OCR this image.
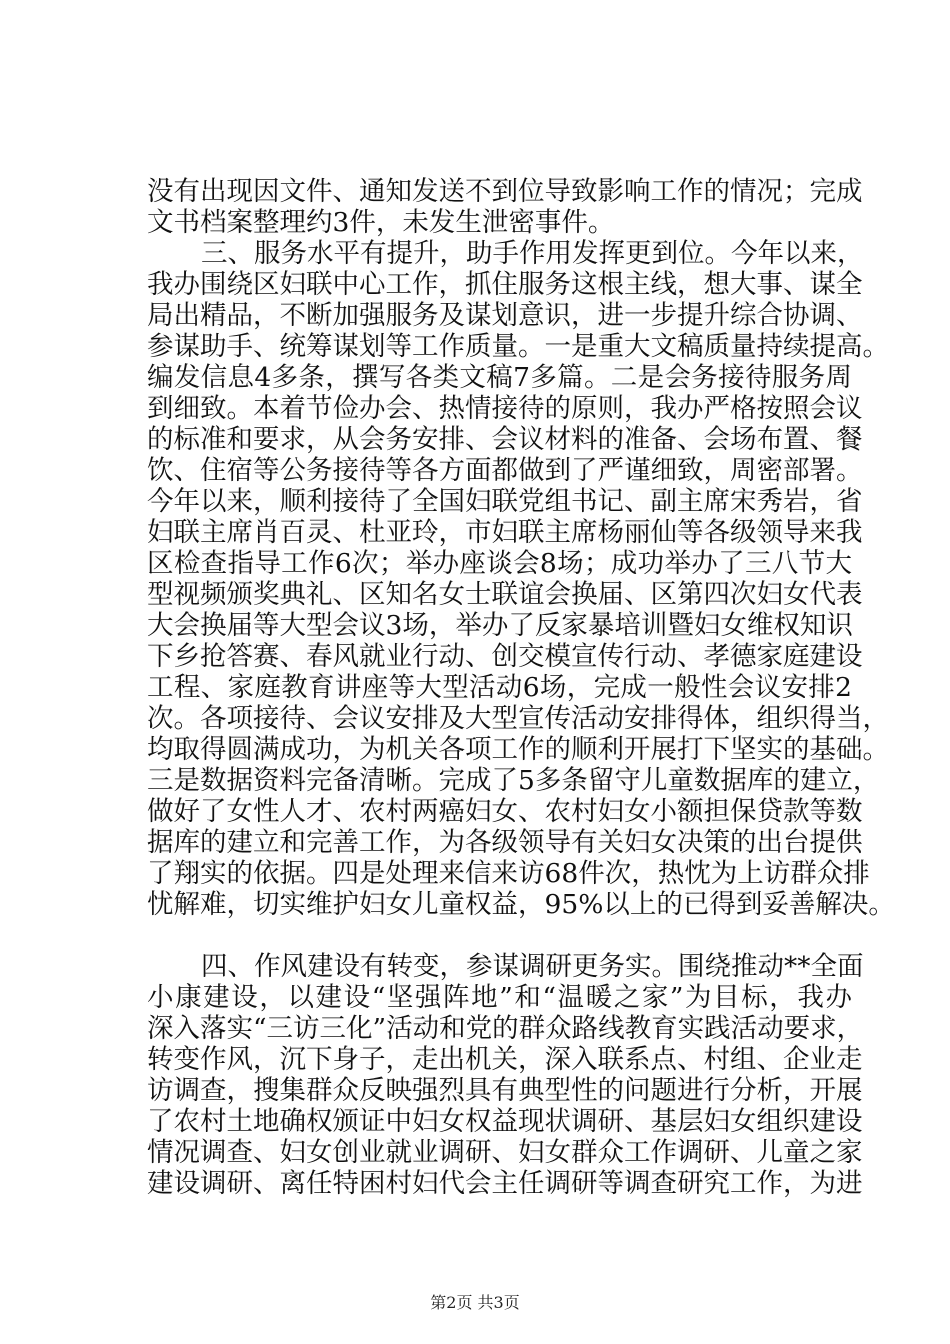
没有出现因文件、通知发送不到位导致影响工作的情况；完成
文书档案整理约3件，未发生泄密事件。
三、服务水平有提升，助手作用发挥更到位。今年以来，
我办围绕区妇联中心工作，抓住服务这根主线，想大事、谋全
局出精品，不断加强服务及谋划意识，进一步提升综合协调、
参谋助手、统筹谋划等工作质量。一是重大文稿质量持续提高。
编发信息4多条，撰写各类文稿7多篇。二是会务接待服务周
到细致。本着节俭办会、热情接待的原则，我办严格按照会议
的标准和要求，从会务安排、会议材料的准备、会场布置、餐
饮、住宿等公务接待等各方面都做到了严谨细致，周密部署。
今年以来，顺利接待了全国妇联党组书记、副主席宋秀岩，省
妇联主席肖百灵、杜亚玲，市妇联主席杨丽仙等各级领导来我
区检查指导工作6次；举办座谈会8场；成功举办了三八节大
型视频颁奖典礼、区知名女士联谊会换届、区第四次妇女代表
大会换届等大型会议3场，举办了反家暴培训暨妇女维权知识
下乡抢答赛、春风就业行动、创交模宣传行动、孝德家庭建设
工程、家庭教育讲座等大型活动6场，完成一般性会议安排2
次。各项接待、会议安排及大型宣传活动安排得体，组织得当，
均取得圆满成功，为机关各项工作的顺利开展打下坚实的基础。
三是数据资料完备清晰。完成了5多条留守儿童数据库的建立，
做好了女性人才、农村两癌妇女、农村妇女小额担保贷款等数
据库的建立和完善工作，为各级领导有关妇女决策的出台提供
了翔实的依据。四是处理来信来访68件次，热忱为上访群众排
忧解难，切实维护妇女儿童权益，95%以上的已得到妥善解决。
四、作风建设有转变，参谋调研更务实。围绕推动**全面
小康建设，以建设“坚强阵地”和“温暖之家”为目标，我办
深入落实“三访三化”活动和党的群众路线教育实践活动要求，
转变作风，沉下身子，走出机关，深入联系点、村组、企业走
访调查，搜集群众反映强烈具有典型性的问题进行分析，开展
了农村土地确权颁证中妇女权益现状调研、基层妇女组织建设
情况调查、妇女创业就业调研、妇女群众工作调研、儿童之家
建设调研、离任特困村妇代会主任调研等调查研究工作，为进
第2页 共3页
